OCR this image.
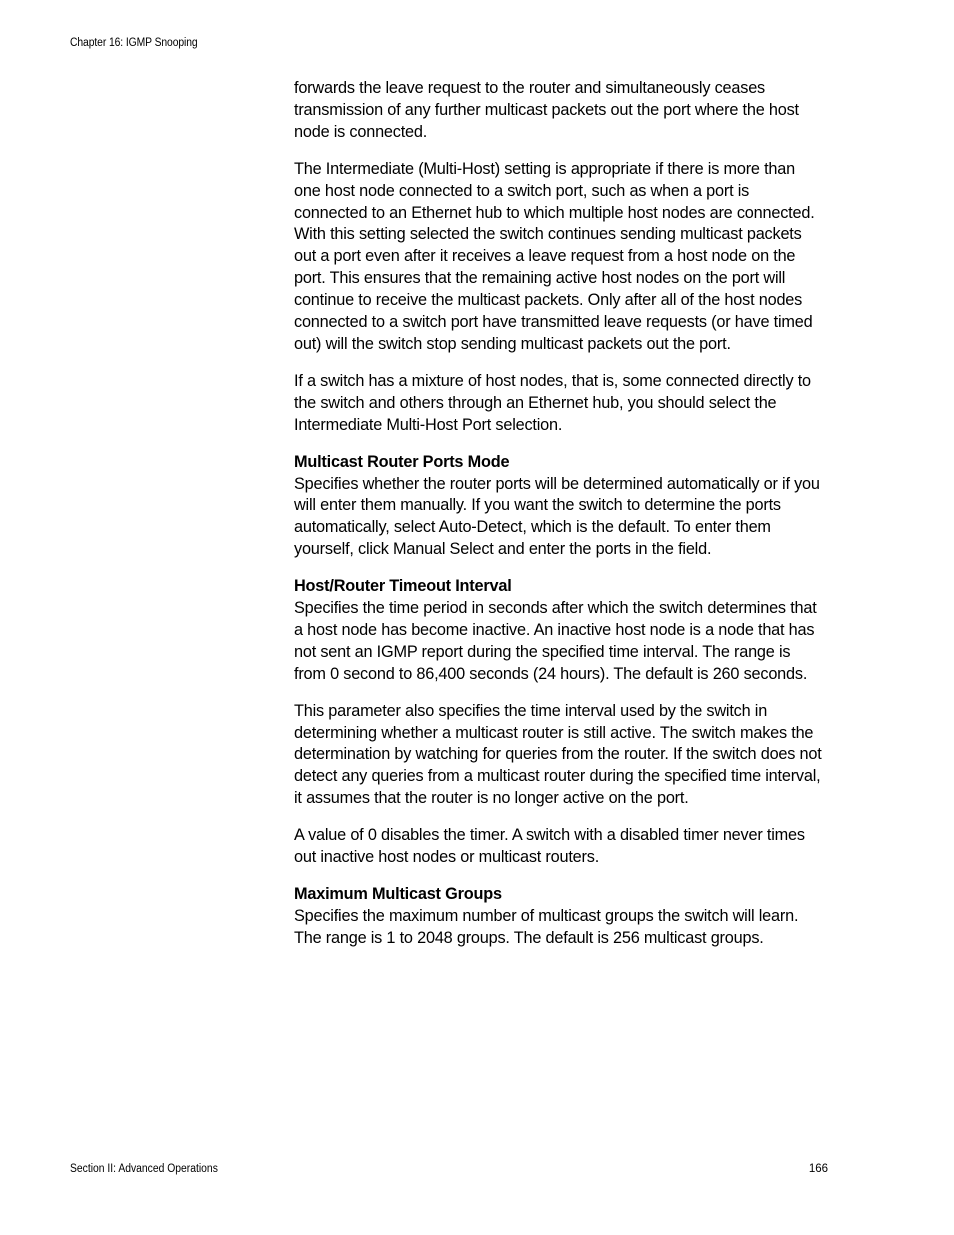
Chapter 16: IGMP Snooping

forwards the leave request to the router and simultaneously ceases transmission of any further multicast packets out the port where the host node is connected.

The Intermediate (Multi-Host) setting is appropriate if there is more than one host node connected to a switch port, such as when a port is connected to an Ethernet hub to which multiple host nodes are connected. With this setting selected the switch continues sending multicast packets out a port even after it receives a leave request from a host node on the port. This ensures that the remaining active host nodes on the port will continue to receive the multicast packets. Only after all of the host nodes connected to a switch port have transmitted leave requests (or have timed out) will the switch stop sending multicast packets out the port.

If a switch has a mixture of host nodes, that is, some connected directly to the switch and others through an Ethernet hub, you should select the Intermediate Multi-Host Port selection.

Multicast Router Ports Mode

Specifies whether the router ports will be determined automatically or if you will enter them manually. If you want the switch to determine the ports automatically, select Auto-Detect, which is the default. To enter them yourself, click Manual Select and enter the ports in the field.

Host/Router Timeout Interval

Specifies the time period in seconds after which the switch determines that a host node has become inactive. An inactive host node is a node that has not sent an IGMP report during the specified time interval. The range is from 0 second to 86,400 seconds (24 hours). The default is 260 seconds.

This parameter also specifies the time interval used by the switch in determining whether a multicast router is still active. The switch makes the determination by watching for queries from the router. If the switch does not detect any queries from a multicast router during the specified time interval, it assumes that the router is no longer active on the port.

A value of 0 disables the timer. A switch with a disabled timer never times out inactive host nodes or multicast routers.

Maximum Multicast Groups

Specifies the maximum number of multicast groups the switch will learn. The range is 1 to 2048 groups. The default is 256 multicast groups.

Section II: Advanced Operations	166
